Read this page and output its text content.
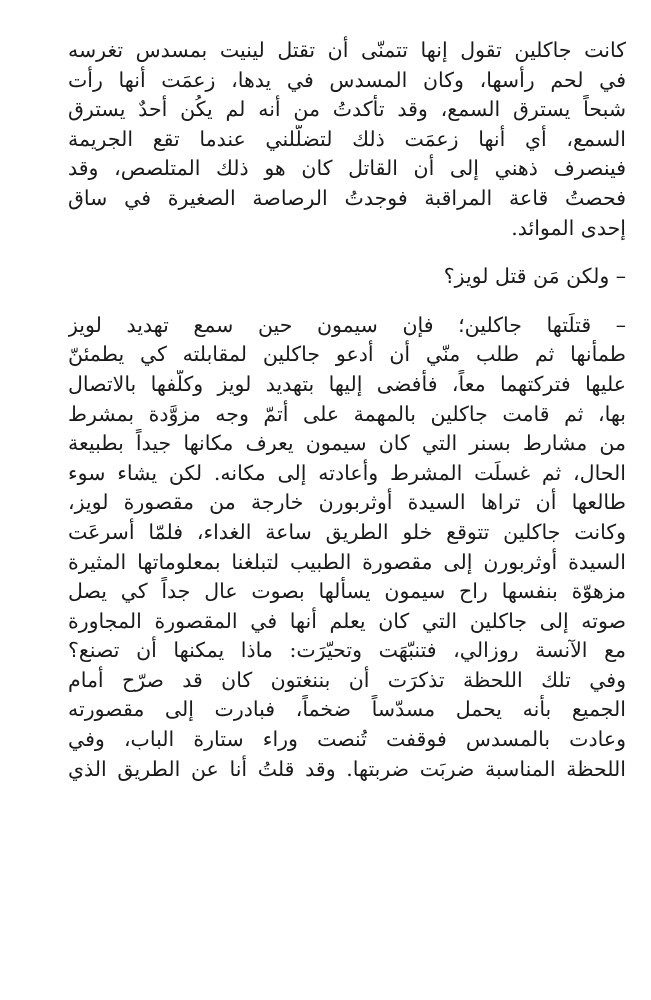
كانت جاكلين تقول إنها تتمنّى أن تقتل لينيت بمسدس تغرسه
في لحم رأسها، وكان المسدس في يدها، زعمَت أنها رأت
شبحاً يسترق السمع، وقد تأكدتُ من أنه لم يكُن أحدٌ يسترق
السمع، أي أنها زعمَت ذلك لتضلّلني عندما تقع الجريمة
فينصرف ذهني إلى أن القاتل كان هو ذلك المتلصص، وقد
فحصتُ قاعة المراقبة فوجدتُ الرصاصة الصغيرة في ساق
إحدى الموائد.
– ولكن مَن قتل لويز؟
– قتلَتها جاكلين؛ فإن سيمون حين سمع تهديد لويز
طمأنها ثم طلب منّي أن أدعو جاكلين لمقابلته كي يطمئنّ
عليها فتركتهما معاً، فأفضى إليها بتهديد لويز وكلّفها بالاتصال
بها، ثم قامت جاكلين بالمهمة على أتمّ وجه مزوَّدة بمشرط
من مشارط بسنر التي كان سيمون يعرف مكانها جيداً بطبيعة
الحال، ثم غسلَت المشرط وأعادته إلى مكانه. لكن يشاء سوء
طالعها أن تراها السيدة أوثربورن خارجة من مقصورة لويز،
وكانت جاكلين تتوقع خلو الطريق ساعة الغداء، فلمّا أسرعَت
السيدة أوثربورن إلى مقصورة الطبيب لتبلغنا بمعلوماتها المثيرة
مزهوّة بنفسها راح سيمون يسألها بصوت عال جداً كي يصل
صوته إلى جاكلين التي كان يعلم أنها في المقصورة المجاورة
مع الآنسة روزالي، فتنبّهَت وتحيّرَت: ماذا يمكنها أن تصنع؟
وفي تلك اللحظة تذكرَت أن بننغتون كان قد صرّح أمام
الجميع بأنه يحمل مسدّساً ضخماً، فبادرت إلى مقصورته
وعادت بالمسدس فوقفت تُنصت وراء ستارة الباب، وفي
اللحظة المناسبة ضربَت ضربتها. وقد قلتُ أنا عن الطريق الذي
